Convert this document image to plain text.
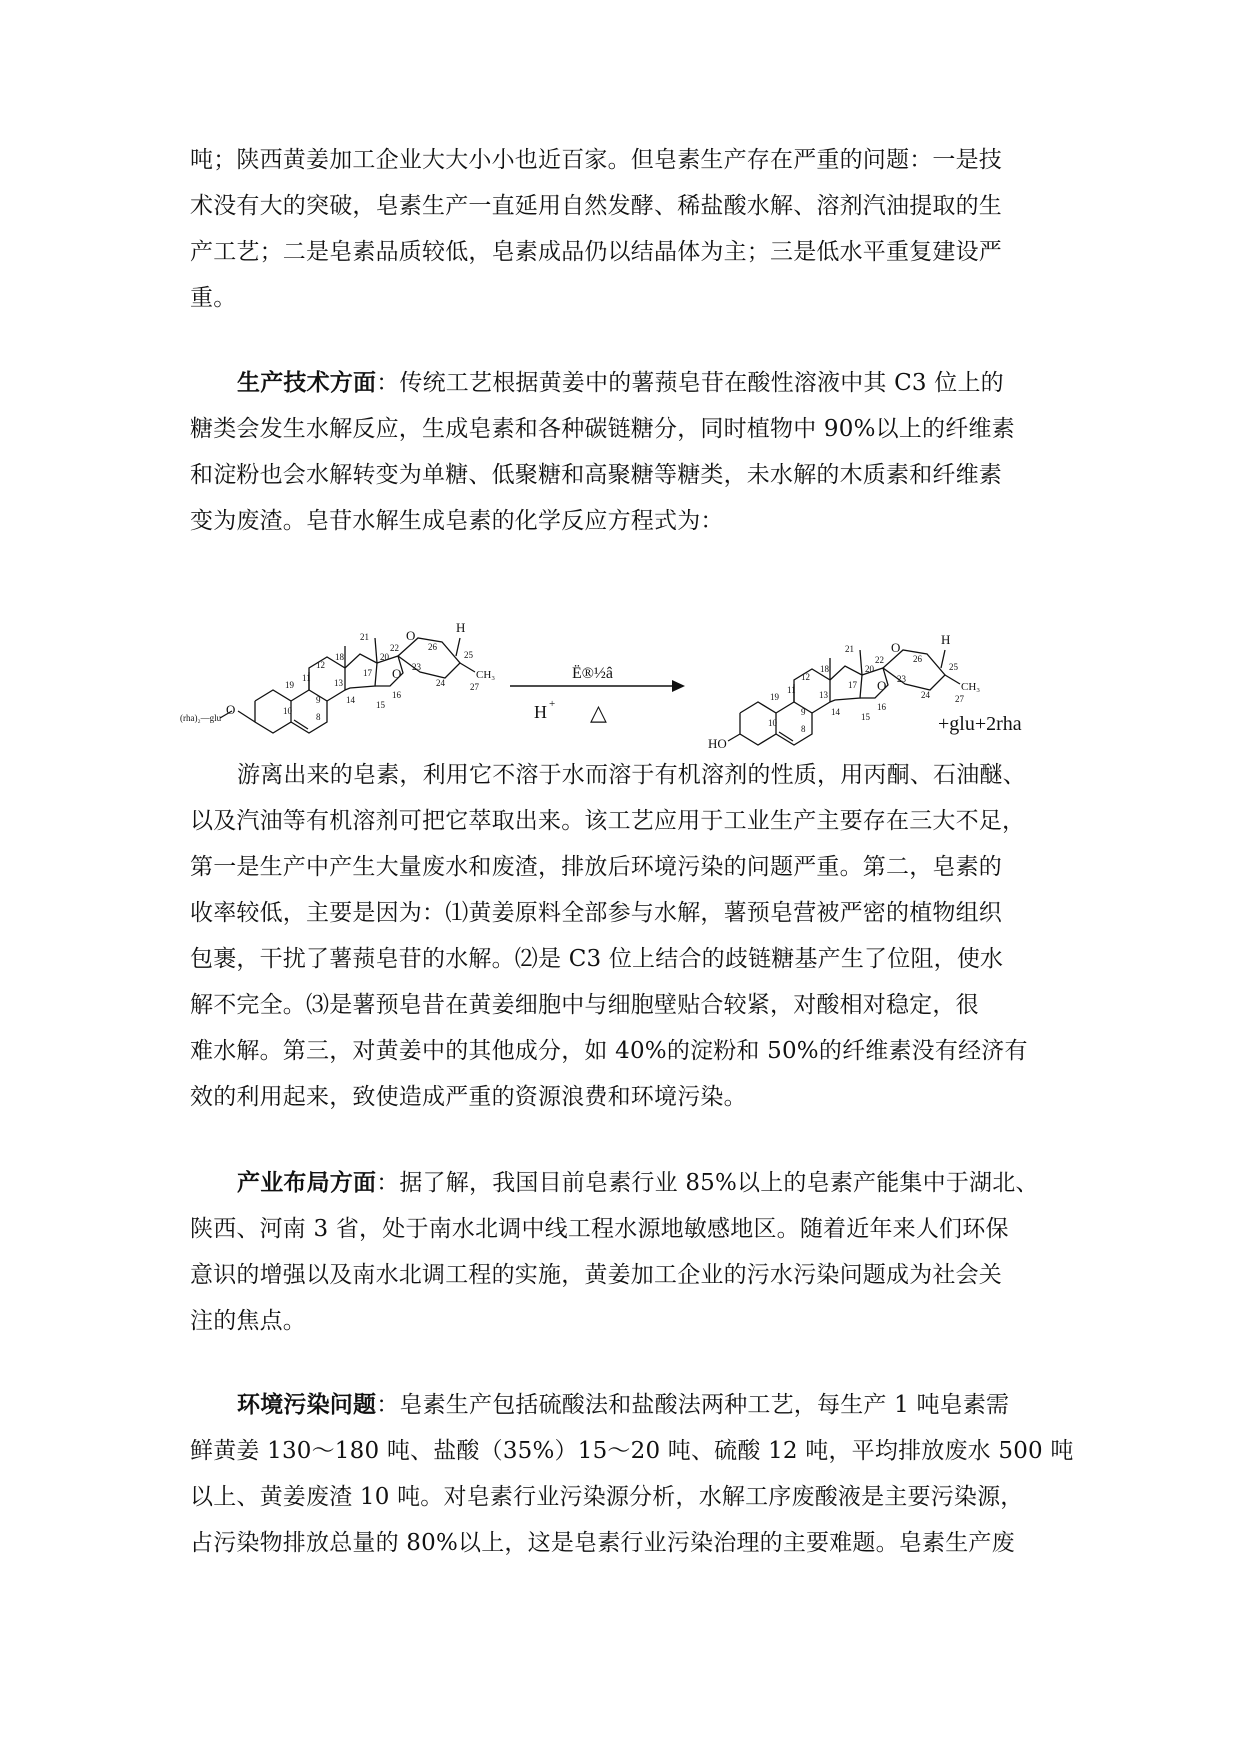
吨；陕西黄姜加工企业大大小小也近百家。但皂素生产存在严重的问题：一是技
术没有大的突破，皂素生产一直延用自然发酵、稀盐酸水解、溶剂汽油提取的生
产工艺；二是皂素品质较低，皂素成品仍以结晶体为主；三是低水平重复建设严
重。
生产技术方面：传统工艺根据黄姜中的薯蓣皂苷在酸性溶液中其 C3 位上的
糖类会发生水解反应，生成皂素和各种碳链糖分，同时植物中 90%以上的纤维素
和淀粉也会水解转变为单糖、低聚糖和高聚糖等糖类，未水解的木质素和纤维素
变为废渣。皂苷水解生成皂素的化学反应方程式为：
(rha)₂—glu
O
O
O
H
CH₃
18
21
20
22	26
25
27
23
24
12
17
16
15
14
13
11
19
10
9
8
Ë®½â
H + △
HO
O
O
H
CH₃
18
21
20
22	26
25
27
23
24
12
17
16
15
14
13
11
19
10
9
8	+glu+2rha
游离出来的皂素，利用它不溶于水而溶于有机溶剂的性质，用丙酮、石油醚、
以及汽油等有机溶剂可把它萃取出来。该工艺应用于工业生产主要存在三大不足，
第一是生产中产生大量废水和废渣，排放后环境污染的问题严重。第二，皂素的
收率较低，主要是因为：⑴黄姜原料全部参与水解，薯预皂营被严密的植物组织
包裹，干扰了薯蓣皂苷的水解。⑵是 C3 位上结合的歧链糖基产生了位阻，使水
解不完全。⑶是薯预皂昔在黄姜细胞中与细胞壁贴合较紧，对酸相对稳定，很
难水解。第三，对黄姜中的其他成分，如 40%的淀粉和 50%的纤维素没有经济有
效的利用起来，致使造成严重的资源浪费和环境污染。
产业布局方面：据了解，我国目前皂素行业 85%以上的皂素产能集中于湖北、
陕西、河南 3 省，处于南水北调中线工程水源地敏感地区。随着近年来人们环保
意识的增强以及南水北调工程的实施，黄姜加工企业的污水污染问题成为社会关
注的焦点。
环境污染问题：皂素生产包括硫酸法和盐酸法两种工艺，每生产 1 吨皂素需
鲜黄姜 130～180 吨、盐酸（35%）15～20 吨、硫酸 12 吨，平均排放废水 500 吨
以上、黄姜废渣 10 吨。对皂素行业污染源分析，水解工序废酸液是主要污染源，
占污染物排放总量的 80%以上，这是皂素行业污染治理的主要难题。皂素生产废
